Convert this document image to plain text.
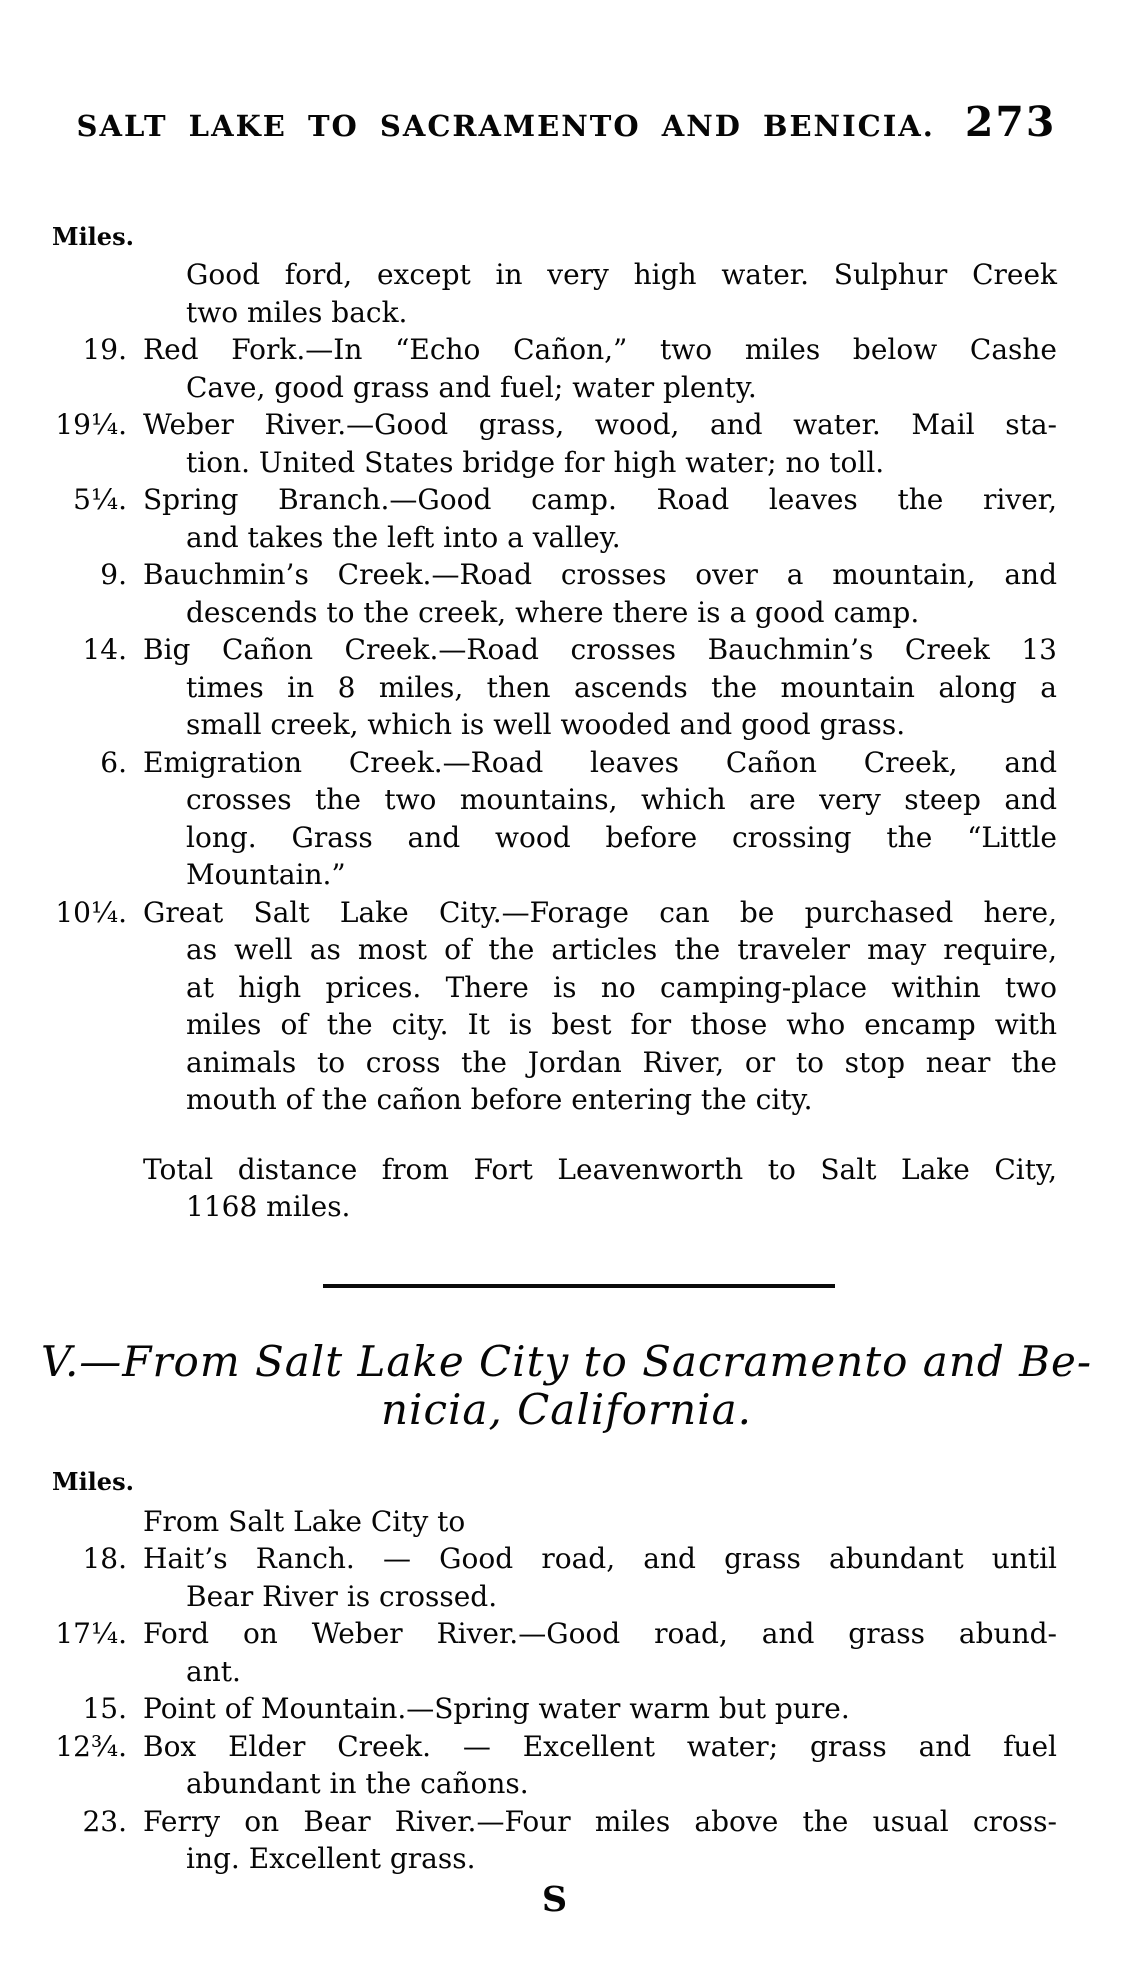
SALT LAKE TO SACRAMENTO AND BENICIA. 273
Miles.
Good ford, except in very high water. Sulphur Creek
two miles back.
19. Red Fork.—In “Echo Cañon,” two miles below Cashe
Cave, good grass and fuel; water plenty.
19¼. Weber River.—Good grass, wood, and water. Mail sta-
tion. United States bridge for high water; no toll.
5¼. Spring Branch.—Good camp. Road leaves the river,
and takes the left into a valley.
9. Bauchmin’s Creek.—Road crosses over a mountain, and
descends to the creek, where there is a good camp.
14. Big Cañon Creek.—Road crosses Bauchmin’s Creek 13
times in 8 miles, then ascends the mountain along a
small creek, which is well wooded and good grass.
6. Emigration Creek.—Road leaves Cañon Creek, and
crosses the two mountains, which are very steep and
long. Grass and wood before crossing the “Little
Mountain.”
10¼. Great Salt Lake City.—Forage can be purchased here,
as well as most of the articles the traveler may require,
at high prices. There is no camping-place within two
miles of the city. It is best for those who encamp with
animals to cross the Jordan River, or to stop near the
mouth of the cañon before entering the city.
Total distance from Fort Leavenworth to Salt Lake City,
1168 miles.
V.—From Salt Lake City to Sacramento and Be-
nicia, California.
Miles.
From Salt Lake City to
18. Hait’s Ranch. — Good road, and grass abundant until
Bear River is crossed.
17¼. Ford on Weber River.—Good road, and grass abund-
ant.
15. Point of Mountain.—Spring water warm but pure.
12¾. Box Elder Creek. — Excellent water; grass and fuel
abundant in the cañons.
23. Ferry on Bear River.—Four miles above the usual cross-
ing. Excellent grass.
S
